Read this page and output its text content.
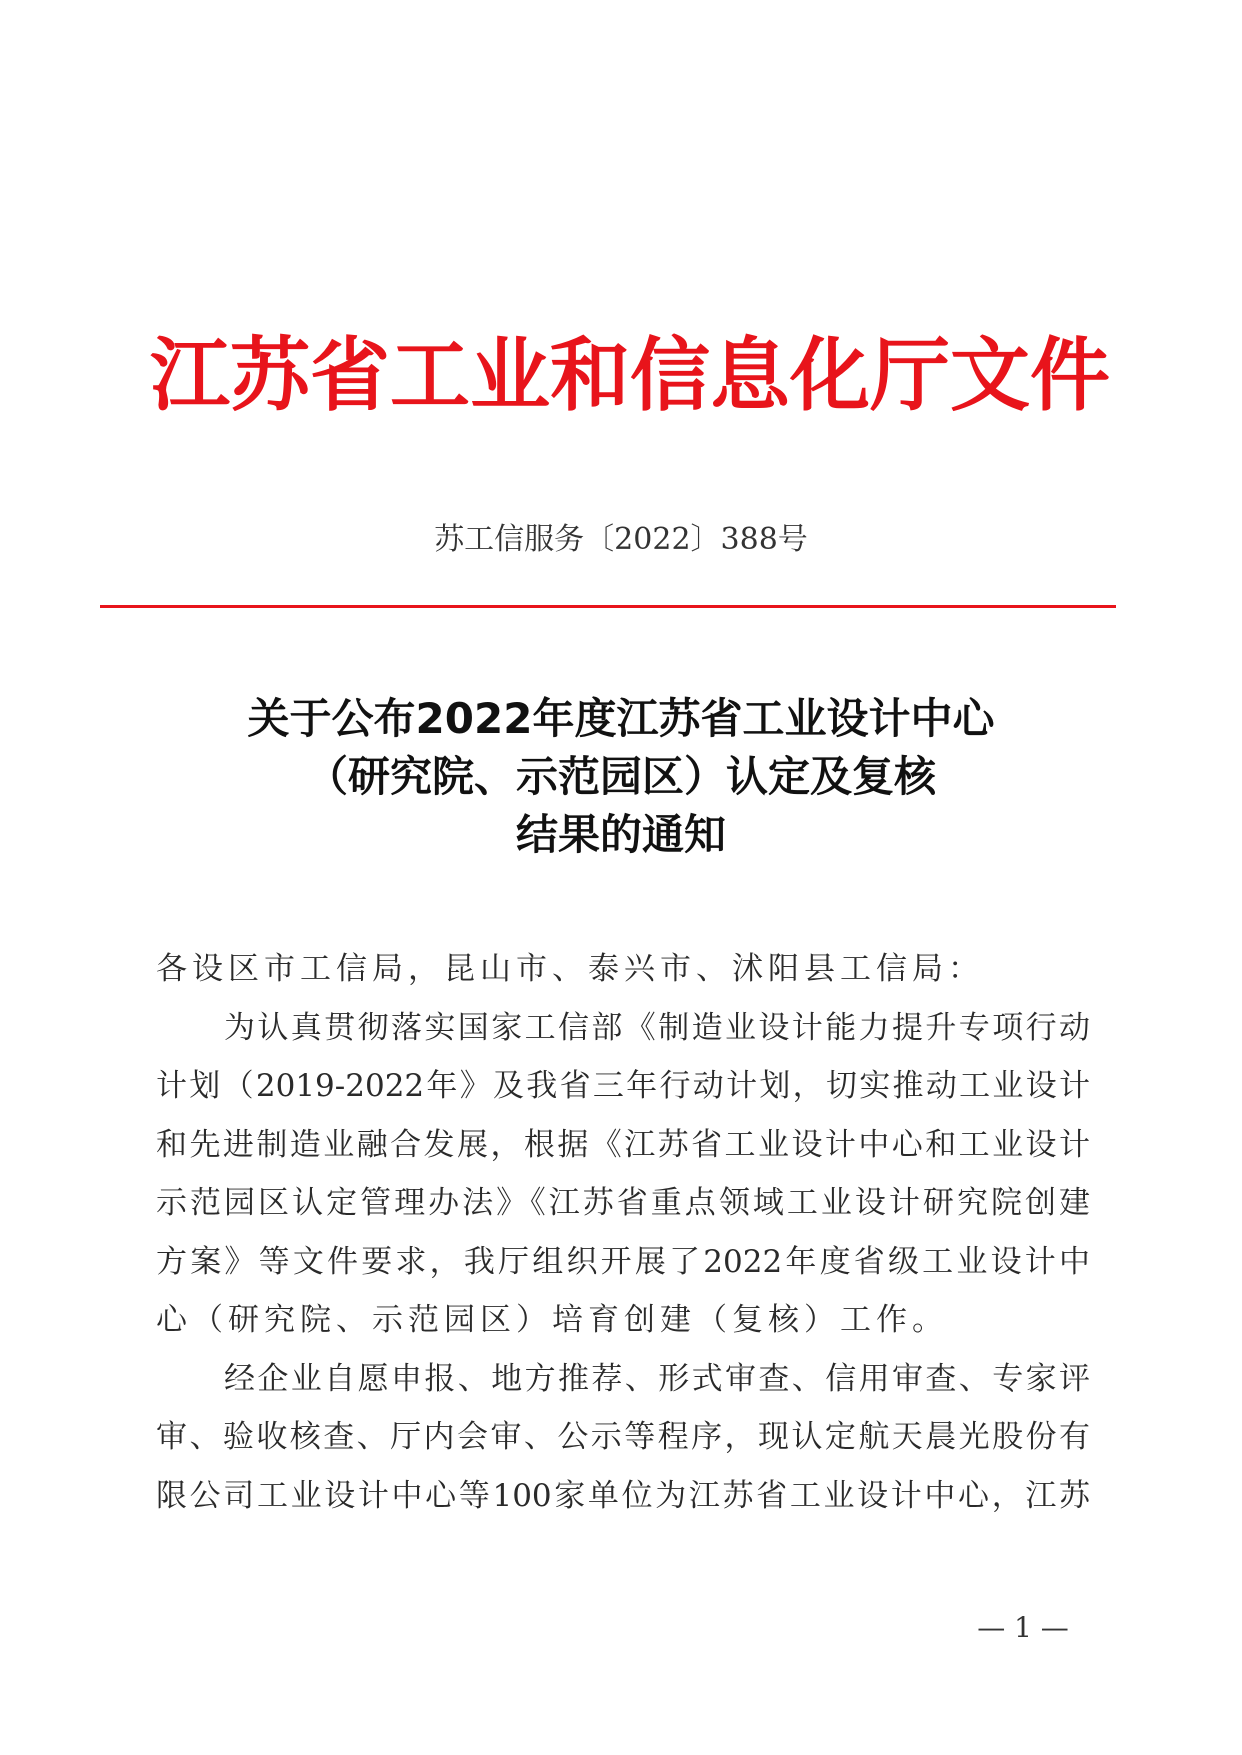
江苏省工业和信息化厅文件
苏工信服务〔2022〕388号
关于公布2022年度江苏省工业设计中心
（研究院、示范园区）认定及复核
结果的通知
各设区市工信局，昆山市、泰兴市、沭阳县工信局：
为认真贯彻落实国家工信部《制造业设计能力提升专项行动
计划（2019-2022年》及我省三年行动计划，切实推动工业设计
和先进制造业融合发展，根据《江苏省工业设计中心和工业设计
示范园区认定管理办法》《江苏省重点领域工业设计研究院创建
方案》等文件要求，我厅组织开展了2022年度省级工业设计中
心（研究院、示范园区）培育创建（复核）工作。
经企业自愿申报、地方推荐、形式审查、信用审查、专家评
审、验收核查、厅内会审、公示等程序，现认定航天晨光股份有
限公司工业设计中心等100家单位为江苏省工业设计中心，江苏
— 1 —
